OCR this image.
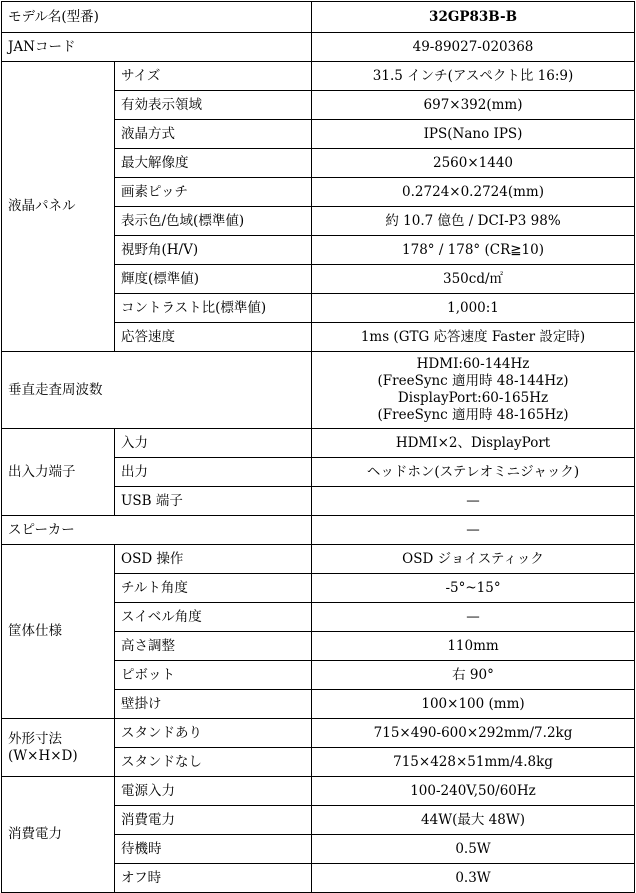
モデル名(型番)		32GP83B-B
JANコード		49-89027-020368
液晶パネル	サイズ	31.5 インチ(アスペクト比 16:9)
	有効表示領域	697×392(mm)
	液晶方式	IPS(Nano IPS)
	最大解像度	2560×1440
	画素ピッチ	0.2724×0.2724(mm)
	表示色/色域(標準値)	約 10.7 億色 / DCI-P3 98%
	視野角(H/V)	178° / 178° (CR≧10)
	輝度(標準値)	350cd/㎡
	コントラスト比(標準値)	1,000:1
	応答速度	1ms (GTG 応答速度 Faster 設定時)
垂直走査周波数		HDMI:60-144Hz
(FreeSync 適用時 48-144Hz)
DisplayPort:60-165Hz
(FreeSync 適用時 48-165Hz)

出入力端子	入力	HDMI×2、DisplayPort
	出力	ヘッドホン(ステレオミニジャック)
	USB 端子	—
スピーカー		—
筐体仕様	OSD 操作	OSD ジョイスティック
	チルト角度	-5°~15°
	スイベル角度	—
	高さ調整	110mm
	ピボット	右 90°
	壁掛け	100×100 (mm)

外形寸法
(W×H×D)	スタンドあり	715×490-600×292mm/7.2kg
	スタンドなし	715×428×51mm/4.8kg
消費電力	電源入力	100-240V,50/60Hz
	消費電力	44W(最大 48W)
	待機時	0.5W
	オフ時	0.3W
